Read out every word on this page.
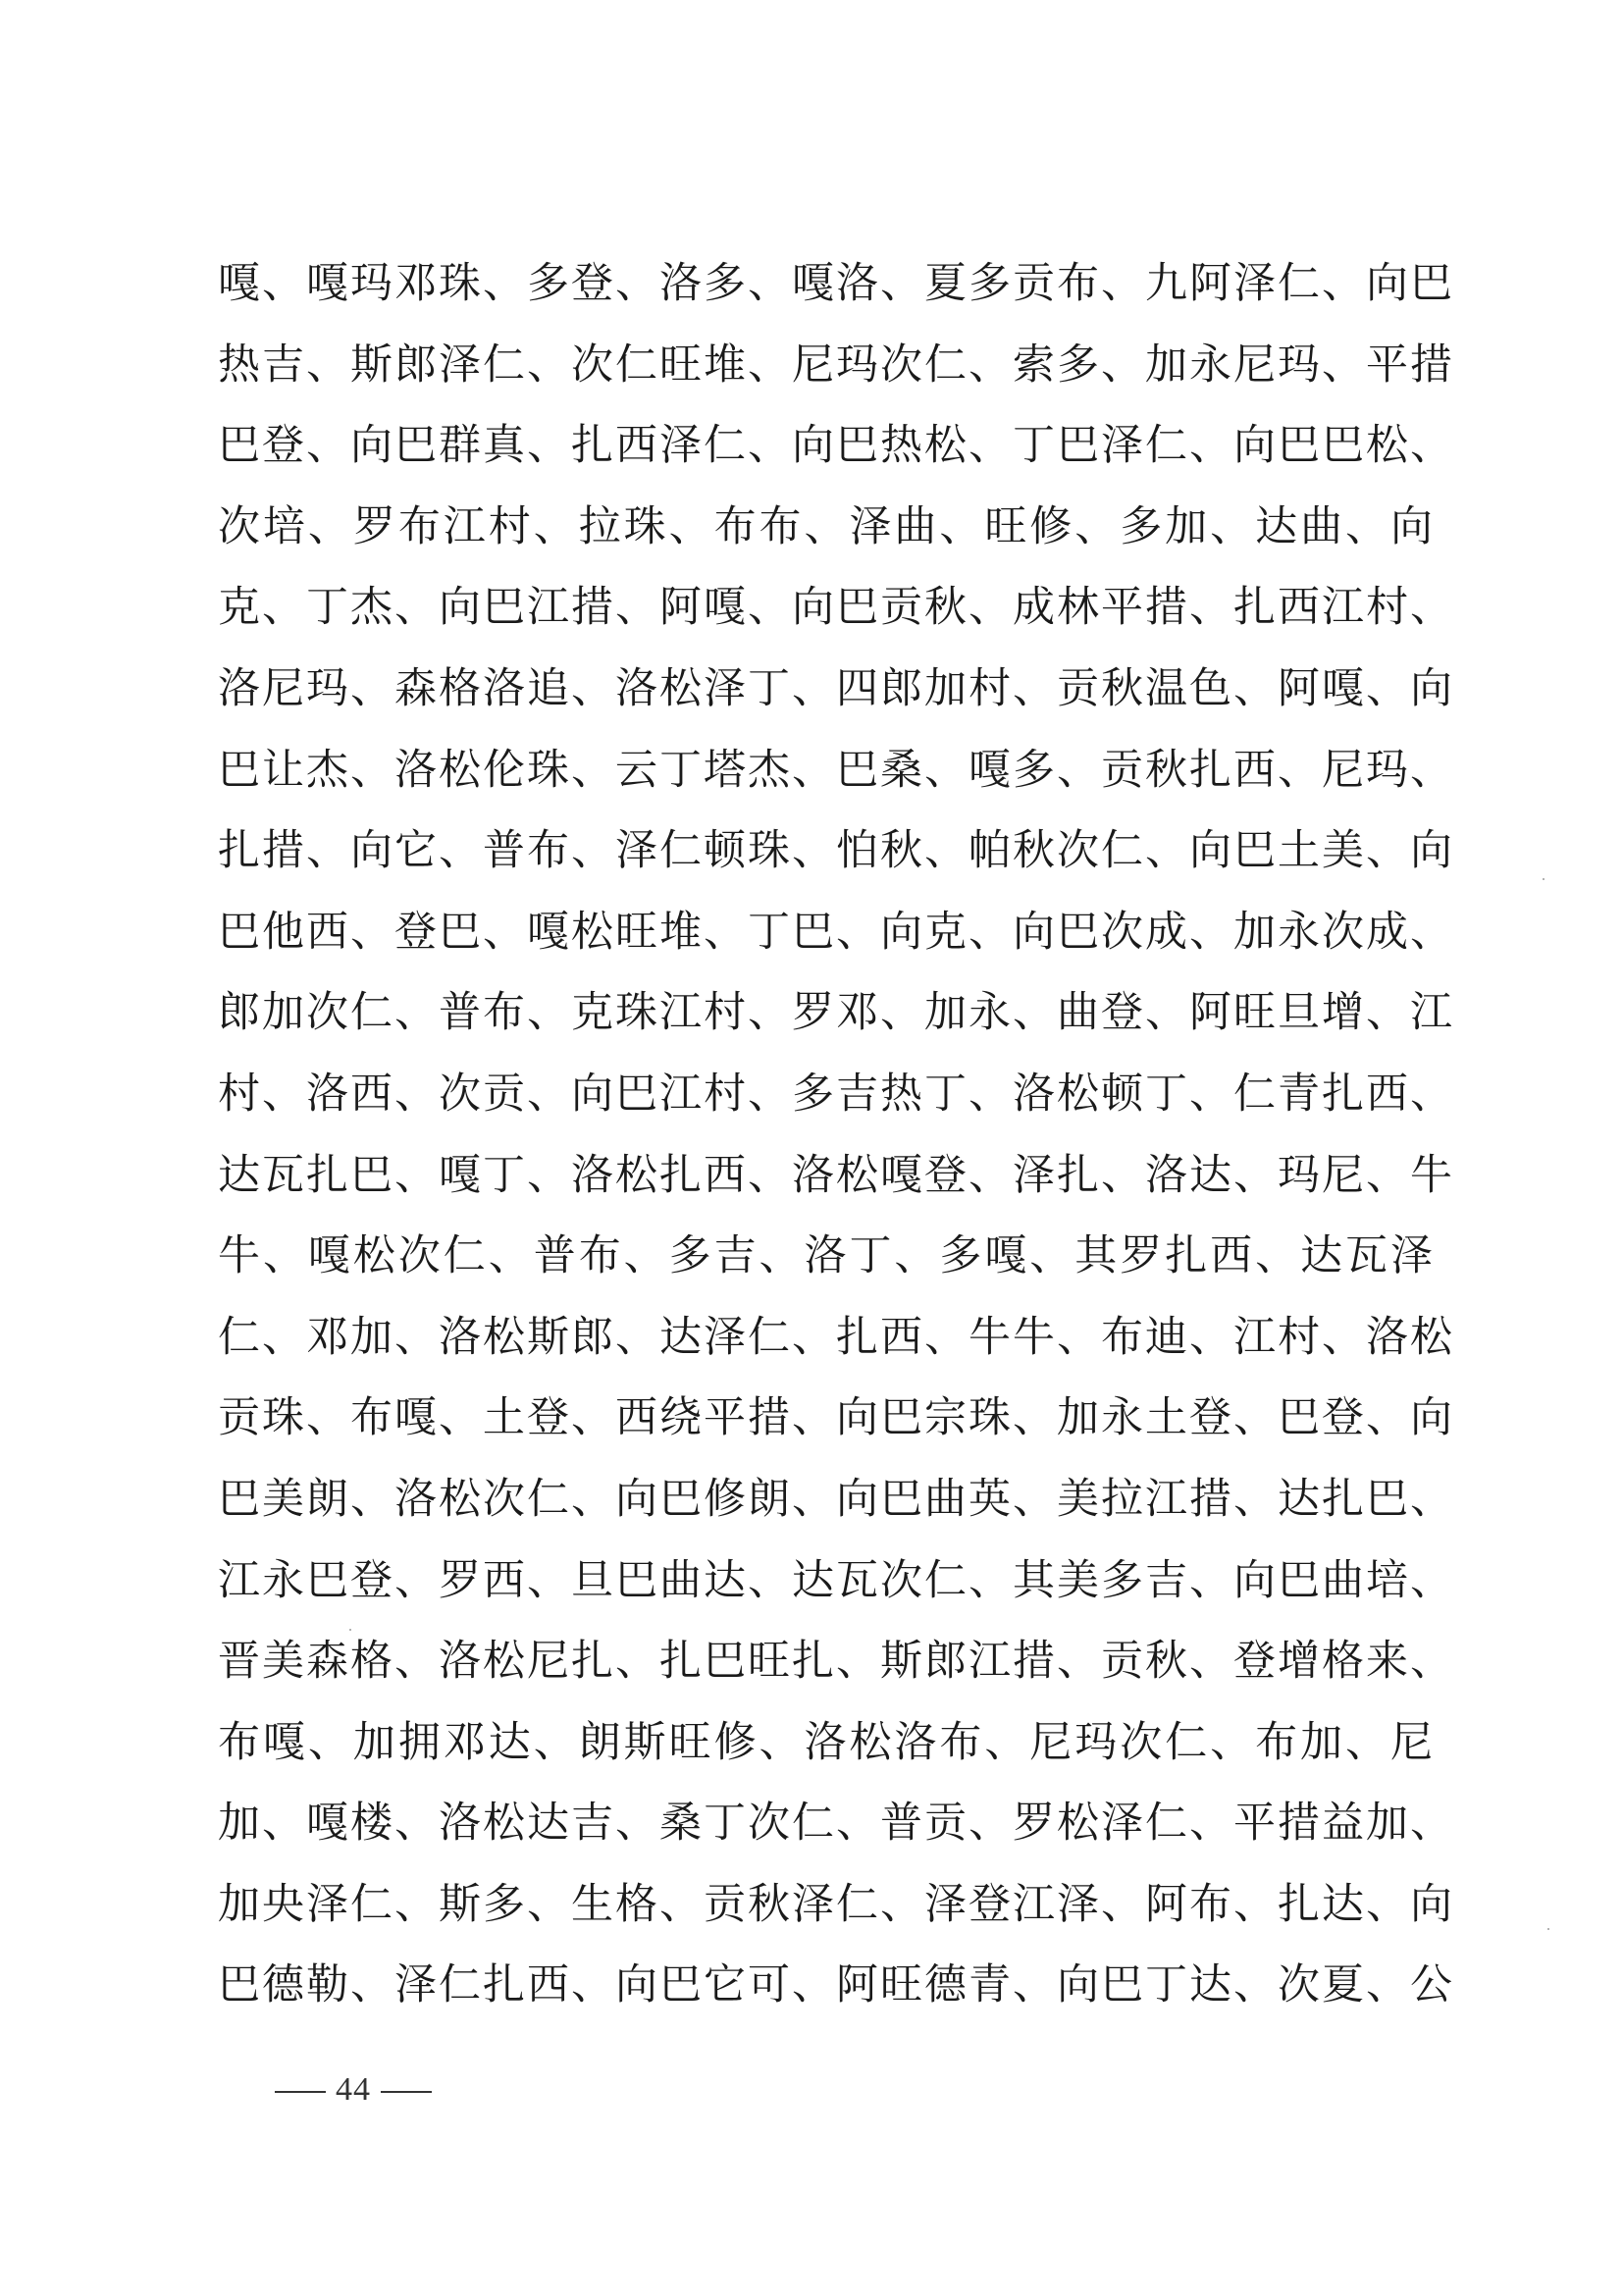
嘎、嘎玛邓珠、多登、洛多、嘎洛、夏多贡布、九阿泽仁、向巴
热吉、斯郎泽仁、次仁旺堆、尼玛次仁、索多、加永尼玛、平措
巴登、向巴群真、扎西泽仁、向巴热松、丁巴泽仁、向巴巴松、
次培、罗布江村、拉珠、布布、泽曲、旺修、多加、达曲、向
克、丁杰、向巴江措、阿嘎、向巴贡秋、成林平措、扎西江村、
洛尼玛、森格洛追、洛松泽丁、四郎加村、贡秋温色、阿嘎、向
巴让杰、洛松伦珠、云丁塔杰、巴桑、嘎多、贡秋扎西、尼玛、
扎措、向它、普布、泽仁顿珠、怕秋、帕秋次仁、向巴土美、向
巴他西、登巴、嘎松旺堆、丁巴、向克、向巴次成、加永次成、
郎加次仁、普布、克珠江村、罗邓、加永、曲登、阿旺旦增、江
村、洛西、次贡、向巴江村、多吉热丁、洛松顿丁、仁青扎西、
达瓦扎巴、嘎丁、洛松扎西、洛松嘎登、泽扎、洛达、玛尼、牛
牛、嘎松次仁、普布、多吉、洛丁、多嘎、其罗扎西、达瓦泽
仁、邓加、洛松斯郎、达泽仁、扎西、牛牛、布迪、江村、洛松
贡珠、布嘎、土登、西绕平措、向巴宗珠、加永土登、巴登、向
巴美朗、洛松次仁、向巴修朗、向巴曲英、美拉江措、达扎巴、
江永巴登、罗西、旦巴曲达、达瓦次仁、其美多吉、向巴曲培、
晋美森格、洛松尼扎、扎巴旺扎、斯郎江措、贡秋、登增格来、
布嘎、加拥邓达、朗斯旺修、洛松洛布、尼玛次仁、布加、尼
加、嘎楼、洛松达吉、桑丁次仁、普贡、罗松泽仁、平措益加、
加央泽仁、斯多、生格、贡秋泽仁、泽登江泽、阿布、扎达、向
巴德勒、泽仁扎西、向巴它可、阿旺德青、向巴丁达、次夏、公
44
